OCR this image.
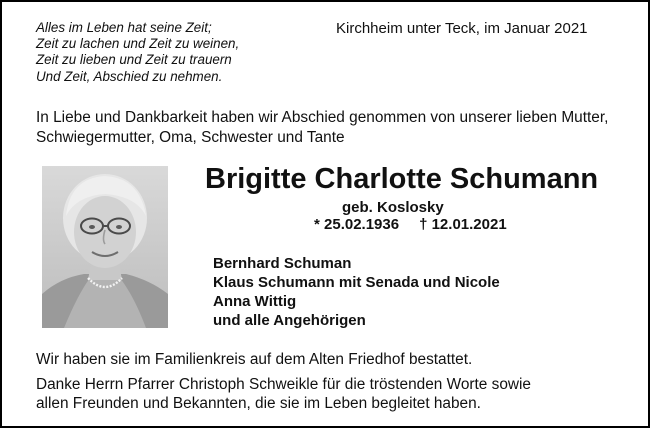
Alles im Leben hat seine Zeit;
Zeit zu lachen und Zeit zu weinen,
Zeit zu lieben und Zeit zu trauern
Und Zeit, Abschied zu nehmen.
Kirchheim unter Teck, im Januar 2021
In Liebe und Dankbarkeit haben wir Abschied genommen von unserer lieben Mutter,
Schwiegermutter, Oma, Schwester und Tante
Brigitte Charlotte Schumann
geb. Koslosky
* 25.02.1936 † 12.01.2021
Bernhard Schuman
Klaus Schumann mit Senada und Nicole
Anna Wittig
und alle Angehörigen
Wir haben sie im Familienkreis auf dem Alten Friedhof bestattet.
Danke Herrn Pfarrer Christoph Schweikle für die tröstenden Worte sowie
allen Freunden und Bekannten, die sie im Leben begleitet haben.
